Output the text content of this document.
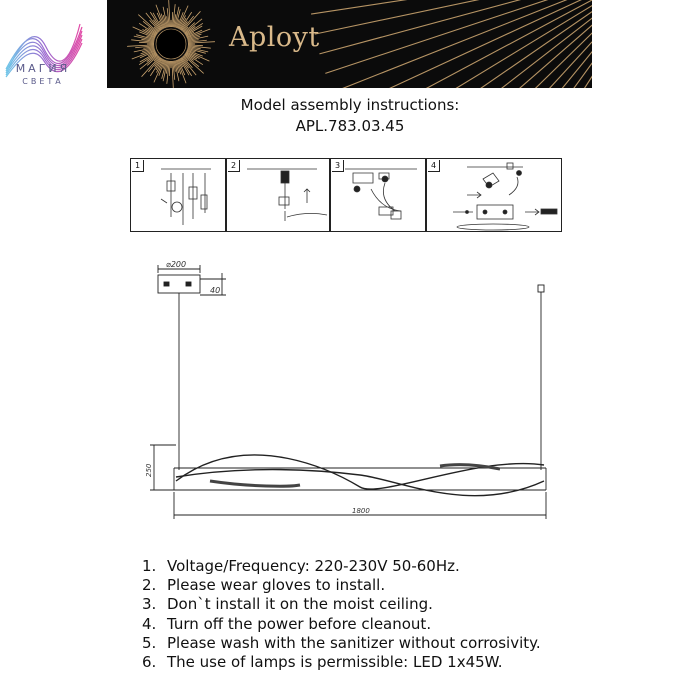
МАГИЯ
СВЕТА
Aployt
Model assembly instructions:
APL.783.03.45
1	2	3	4
⌀200
40
250
1800
1. Voltage/Frequency: 220-230V 50-60Hz.
2. Please wear gloves to install.
3. Don`t install it on the moist ceiling.
4. Turn off the power before cleanout.
5. Please wash with the sanitizer without corrosivity.
6. The use of lamps is permissible: LED 1x45W.
